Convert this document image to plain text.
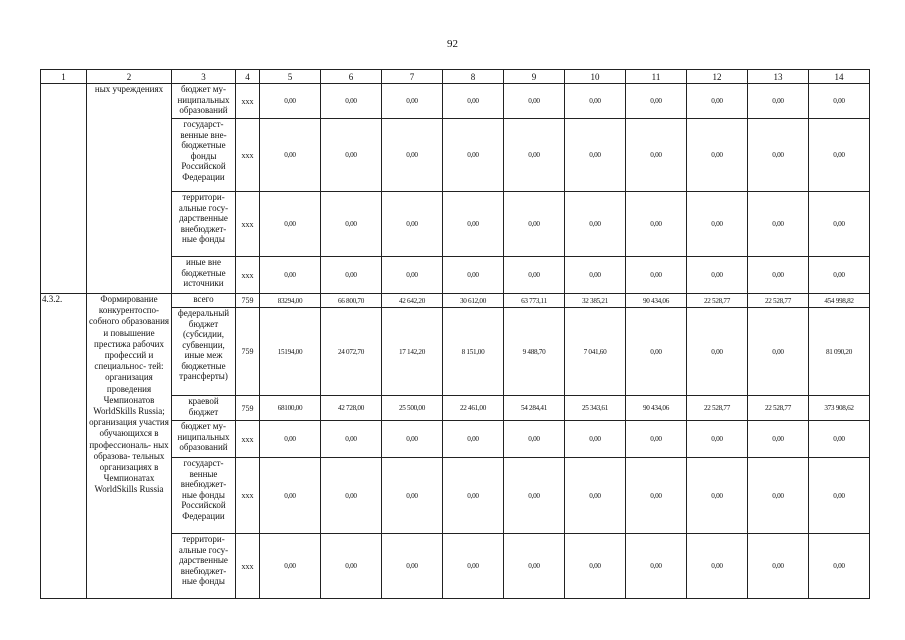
92
1	2	3	4	5	6	7	8	9	10	11	12	13	14
	ных учреждениях	бюджет му- ниципальных образований	xxx	0,00	0,00	0,00	0,00	0,00	0,00	0,00	0,00	0,00	0,00
		государст- венные вне- бюджетные фонды Российской Федерации	xxx	0,00	0,00	0,00	0,00	0,00	0,00	0,00	0,00	0,00	0,00
		территори- альные госу- дарственные внебюджет- ные фонды	xxx	0,00	0,00	0,00	0,00	0,00	0,00	0,00	0,00	0,00	0,00
		иные вне бюджетные источники	xxx	0,00	0,00	0,00	0,00	0,00	0,00	0,00	0,00	0,00	0,00
4.3.2.	Формирование конкурентоспо- собного образования и повышение престижа рабочих профессий и специальнос- тей: организация проведения Чемпионатов WorldSkills Russia; организация участия обучающихся в профессиональ- ных образова- тельных организациях в Чемпионатах WorldSkills Russia	всего	759	83294,00	66 800,70	42 642,20	30 612,00	63 773,11	32 385,21	90 434,06	22 528,77	22 528,77	454 998,82
		федеральный бюджет (субсидии, субвенции, иные меж бюджетные трансферты)	759	15194,00	24 072,70	17 142,20	8 151,00	9 488,70	7 041,60	0,00	0,00	0,00	81 090,20
		краевой бюджет	759	68100,00	42 728,00	25 500,00	22 461,00	54 284,41	25 343,61	90 434,06	22 528,77	22 528,77	373 908,62
		бюджет му- ниципальных образований	xxx	0,00	0,00	0,00	0,00	0,00	0,00	0,00	0,00	0,00	0,00
		государст- венные внебюджет- ные фонды Российской Федерации	xxx	0,00	0,00	0,00	0,00	0,00	0,00	0,00	0,00	0,00	0,00
		территори- альные госу- дарственные внебюджет- ные фонды	xxx	0,00	0,00	0,00	0,00	0,00	0,00	0,00	0,00	0,00	0,00
